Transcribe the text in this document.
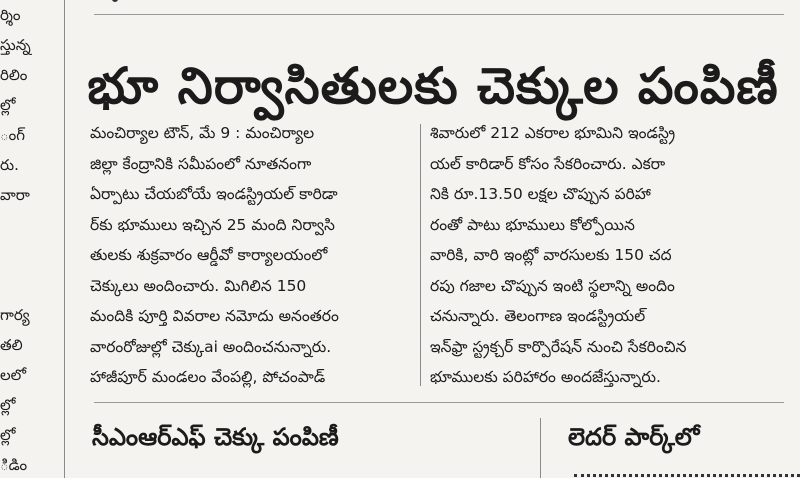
ర్శిం
స్తున్న
రిలిం
ల్లో
ంగ్
రు.
వారా
గార్య
తలి
లలో
ల్లో
ల్లో
ిడిం
భూ నిర్వాసితులకు చెక్కుల పంపిణీ
మంచిర్యాల టౌన్, మే 9 : మంచిర్యాల
జిల్లా కేంద్రానికి సమీపంలో నూతనంగా
ఏర్పాటు చేయబోయే ఇండస్ట్రియల్ కారిడా
ర్‌కు భూములు ఇచ్చిన 25 మంది నిర్వాసి
తులకు శుక్రవారం ఆర్డీవో కార్యాలయంలో
చెక్కులు అందించారు. మిగిలిన 150
మందికి పూర్తి వివరాల నమోదు అనంతరం
వారంరోజుల్లో చెక్కుai అందించనున్నారు.
హాజీపూర్ మండలం వేంపల్లి, పోచంపాడ్
శివారులో 212 ఎకరాల భూమిని ఇండస్ట్రి
యల్ కారిడార్ కోసం సేకరించారు. ఎకరా
నికి రూ.13.50 లక్షల చొప్పున పరిహా
రంతో పాటు భూములు కోల్పోయిన
వారికి, వారి ఇంట్లో వారసులకు 150 చద
రపు గజాల చొప్పున ఇంటి స్థలాన్ని అందిం
చనున్నారు. తెలంగాణ ఇండస్ట్రియల్
ఇన్‌ఫ్రా స్ట్రక్చర్ కార్పొరేషన్ నుంచి సేకరించిన
భూములకు పరిహారం అందజేస్తున్నారు.
సీఎంఆర్ఎఫ్ చెక్కు పంపిణీ	లెదర్ పార్క్‌లో
